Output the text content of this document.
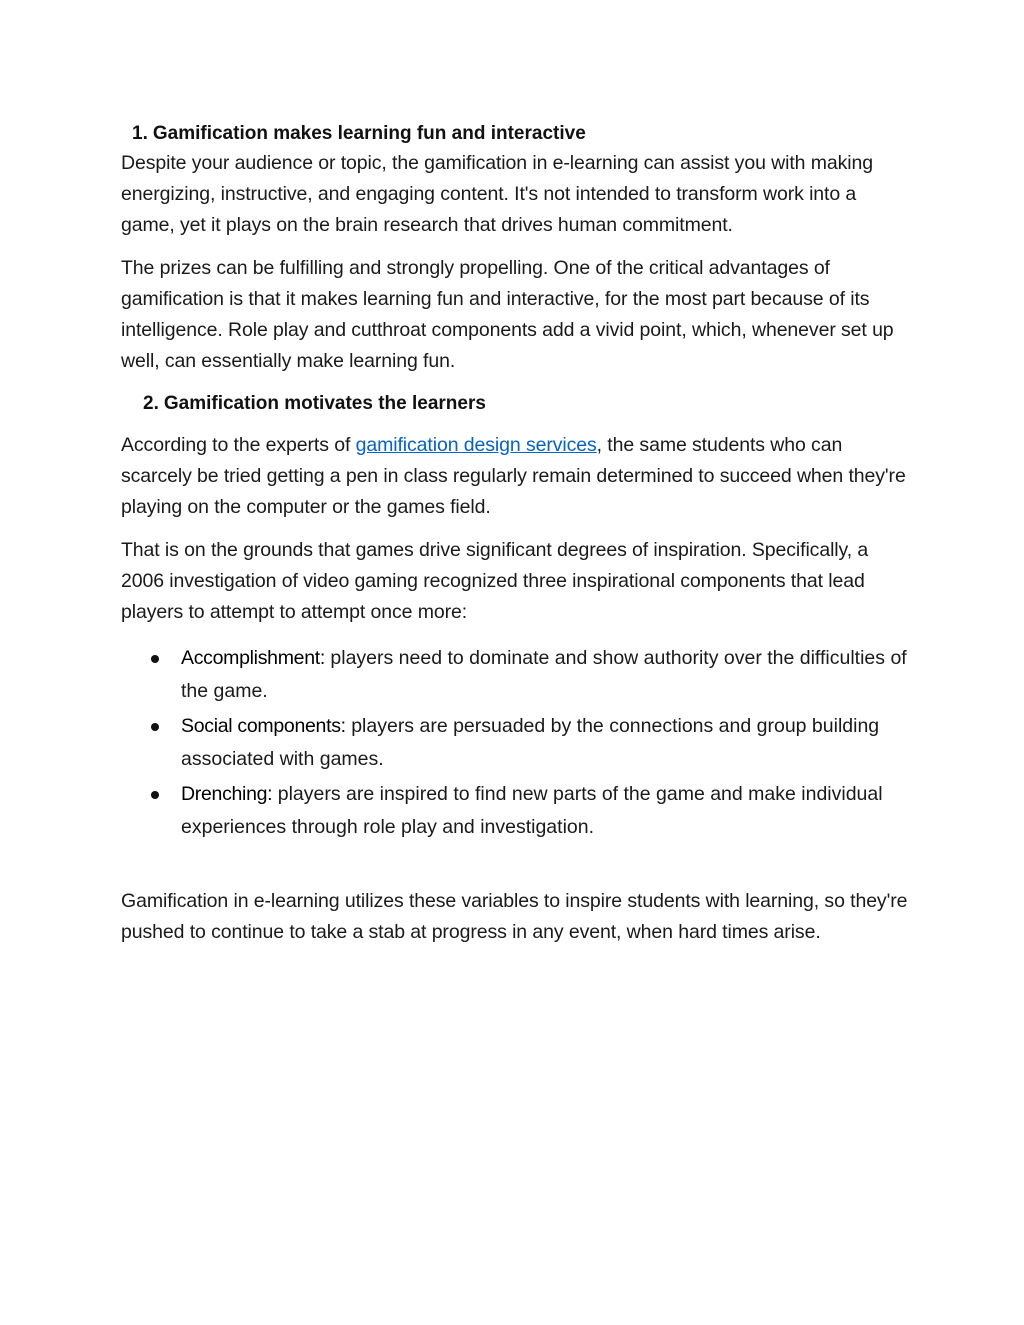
1. Gamification makes learning fun and interactive

Despite your audience or topic, the gamification in e-learning can assist you with making energizing, instructive, and engaging content. It's not intended to transform work into a game, yet it plays on the brain research that drives human commitment.

The prizes can be fulfilling and strongly propelling. One of the critical advantages of gamification is that it makes learning fun and interactive, for the most part because of its intelligence. Role play and cutthroat components add a vivid point, which, whenever set up well, can essentially make learning fun.

2. Gamification motivates the learners

According to the experts of gamification design services, the same students who can scarcely be tried getting a pen in class regularly remain determined to succeed when they're playing on the computer or the games field.

That is on the grounds that games drive significant degrees of inspiration. Specifically, a 2006 investigation of video gaming recognized three inspirational components that lead players to attempt to attempt once more:

Accomplishment: players need to dominate and show authority over the difficulties of the game.
Social components: players are persuaded by the connections and group building associated with games.
Drenching: players are inspired to find new parts of the game and make individual experiences through role play and investigation.

Gamification in e-learning utilizes these variables to inspire students with learning, so they're pushed to continue to take a stab at progress in any event, when hard times arise.
